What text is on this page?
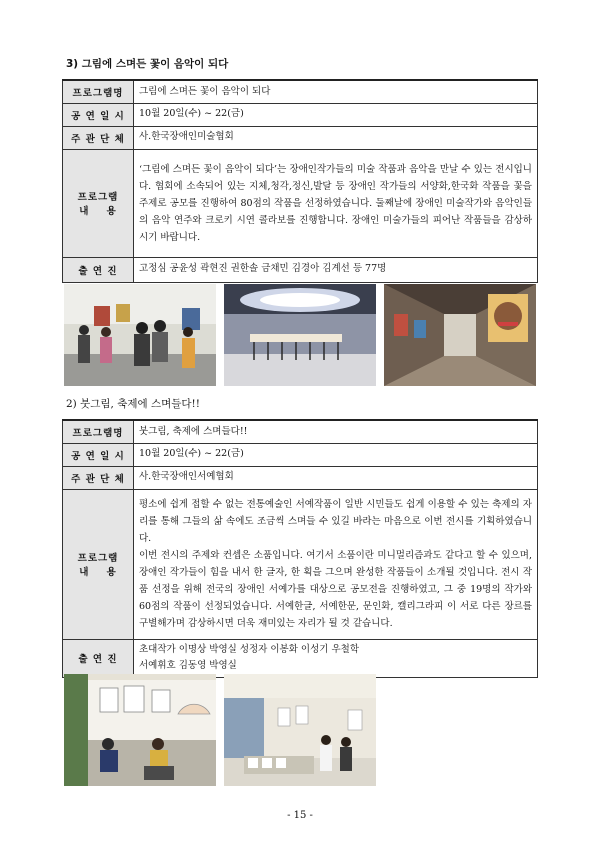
3) 그림에 스며든 꽃이 음악이 되다
프로그램명	그림에 스며든 꽃이 음악이 되다
공 연 일 시	10월 20일(수) ~ 22(금)
주 관 단 체	사.한국장애인미술협회

프로그램
내    용	‘그림에 스며든 꽃이 음악이 되다’는 장애인작가들의 미술 작품과 음악을 만날 수 있는 전시입니다. 협회에 소속되어 있는 지체,청각,정신,발달 등 장애인 작가들의 서양화,한국화 작품을 꽃을 주제로 공모를 진행하여 80점의 작품을 선정하였습니다. 둘째날에 장애인 미술작가와 음악인들의 음악 연주와 크로키 시연 콜라보를 진행합니다. 장애인 미술가들의 피어난 작품들을 감상하시기 바랍니다.
출 연 진	고정심 공윤성 곽현진 권한솔 금채민 김경아 김계선 등 77명
2) 붓그림, 축제에 스며들다!!
프로그램명	붓그림, 축제에 스며들다!!
공 연 일 시	10월 20일(수) ~ 22(금)
주 관 단 체	사.한국장애인서예협회

프로그램
내    용	평소에 쉽게 접할 수 없는 전통예술인 서예작품이 일반 시민들도 쉽게 이용할 수 있는 축제의 자리를 통해 그들의 삶 속에도 조금씩 스며들 수 있길 바라는 마음으로 이번 전시를 기획하였습니다.
이번 전시의 주제와 컨셉은 소품입니다. 여기서 소품이란 미니멀리즘과도 같다고 할 수 있으며, 장애인 작가들이 힘을 내서 한 글자, 한 획을 그으며 완성한 작품들이 소개될 것입니다. 전시 작품 선정을 위해 전국의 장애인 서예가를 대상으로 공모전을 진행하였고, 그 중 19명의 작가와 60점의 작품이 선정되었습니다. 서예한글, 서예한문, 문인화, 캘리그라피 이 서로 다른 장르를 구별해가며 감상하시면 더욱 재미있는 자리가 될 것 같습니다.

출 연 진	초대작가 이명상 박영실 성정자 이봉화 이성기 우철학
서예휘호 김동영 박영실
- 15 -
